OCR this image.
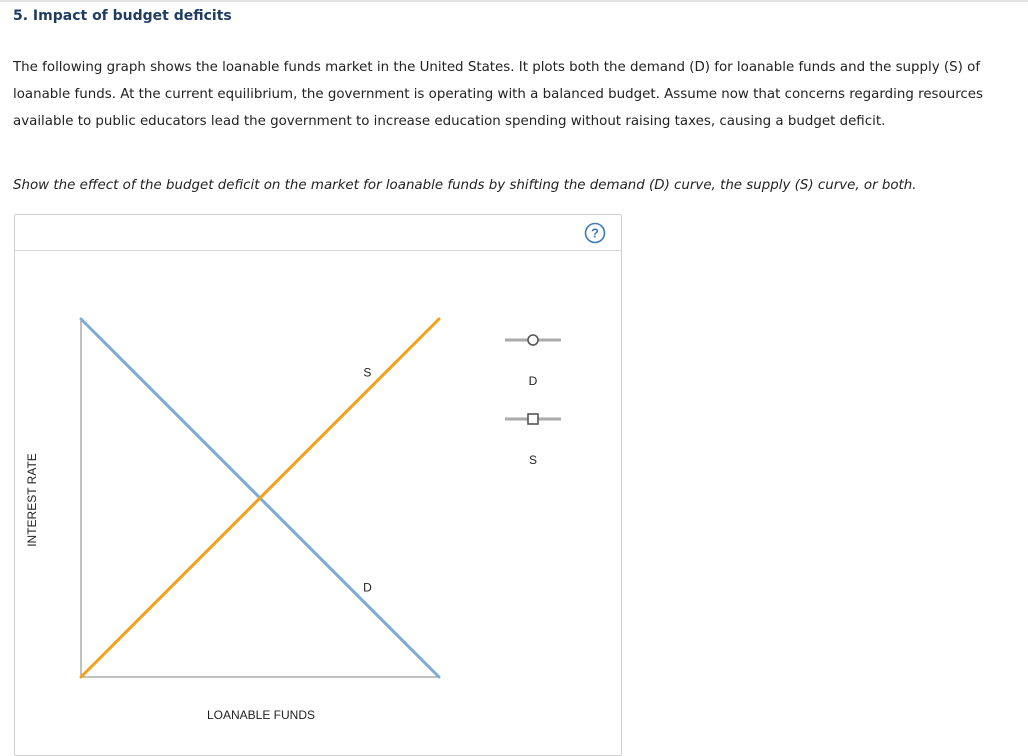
5. Impact of budget deficits
The following graph shows the loanable funds market in the United States. It plots both the demand (D) for loanable funds and the supply (S) of loanable funds. At the current equilibrium, the government is operating with a balanced budget. Assume now that concerns regarding resources available to public educators lead the government to increase education spending without raising taxes, causing a budget deficit.
Show the effect of the budget deficit on the market for loanable funds by shifting the demand (D) curve, the supply (S) curve, or both.
?
INTEREST RATE
LOANABLE FUNDS
D
S
D
S
